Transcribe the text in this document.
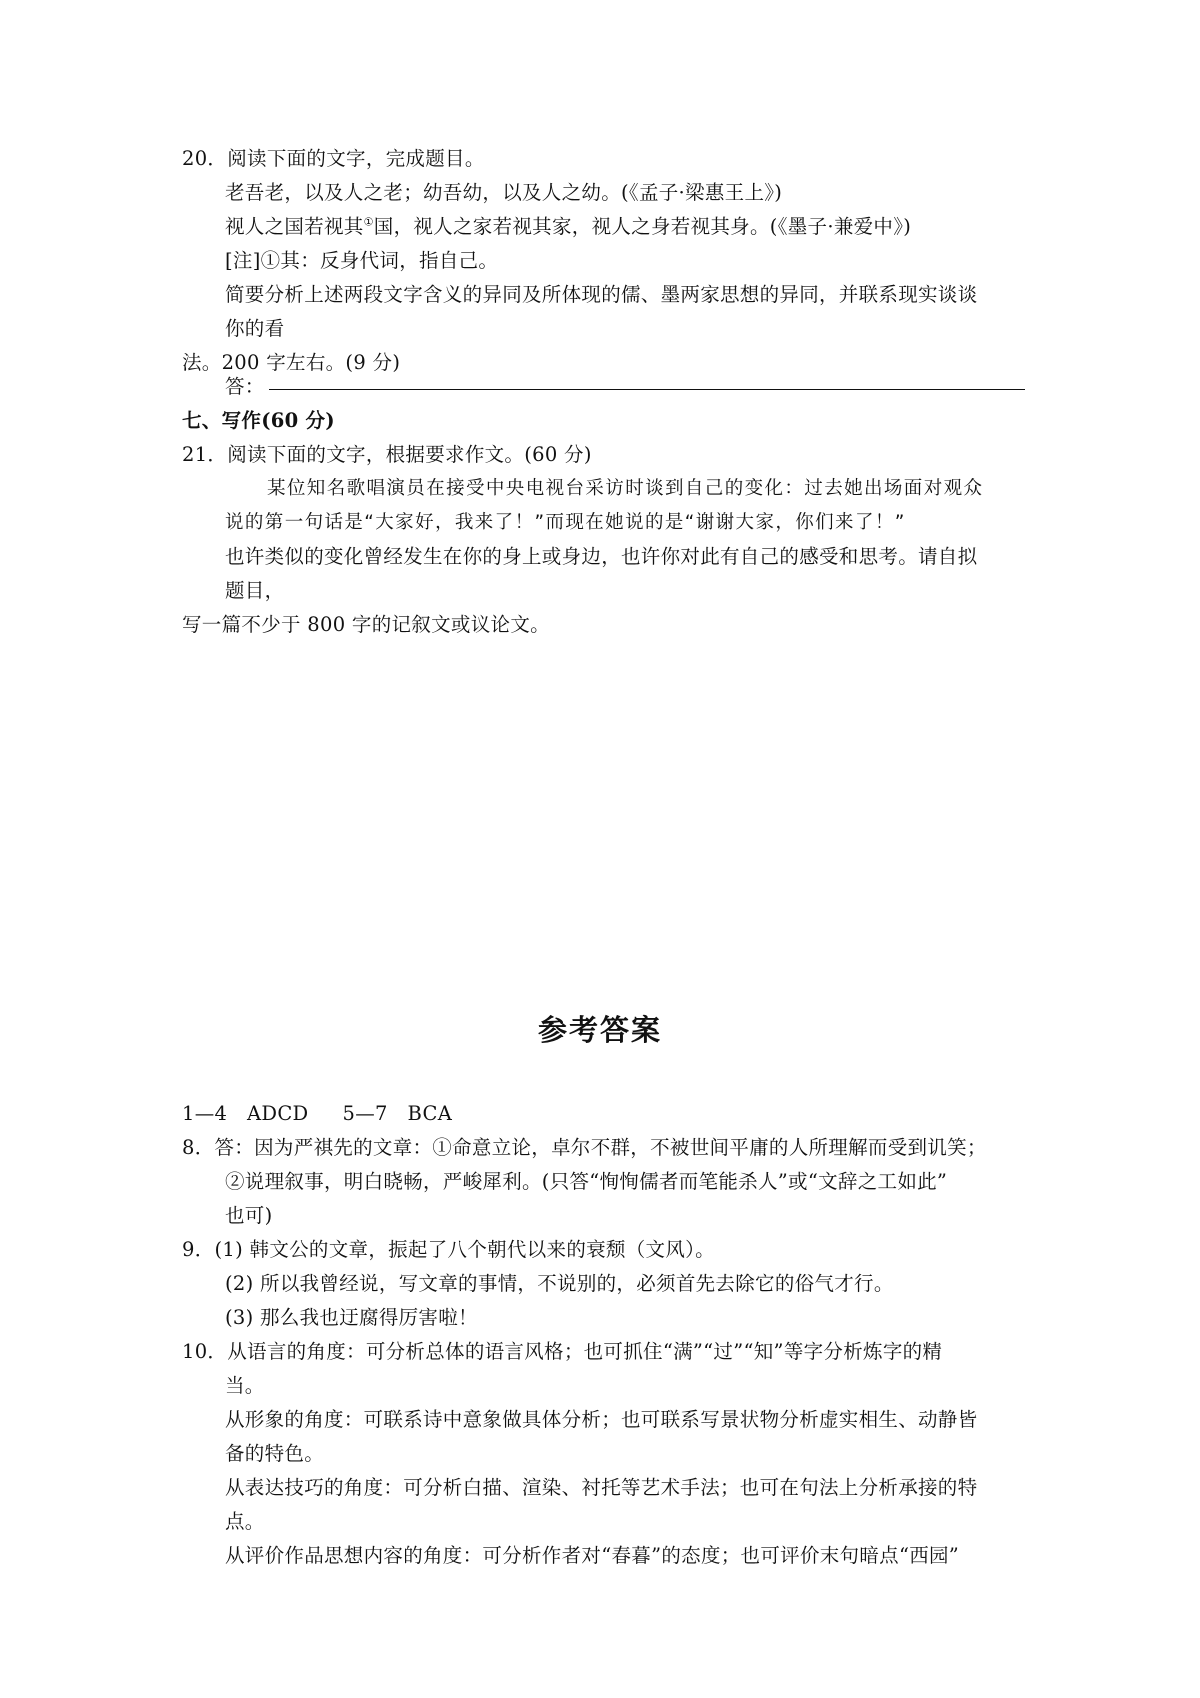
20．阅读下面的文字，完成题目。
老吾老，以及人之老；幼吾幼，以及人之幼。(《孟子·梁惠王上》)
视人之国若视其①国，视人之家若视其家，视人之身若视其身。(《墨子·兼爱中》)
[注]①其：反身代词，指自己。
简要分析上述两段文字含义的异同及所体现的儒、墨两家思想的异同，并联系现实谈谈
你的看
法。200 字左右。(9 分)
答：
七、写作(60 分)
21．阅读下面的文字，根据要求作文。(60 分)
某位知名歌唱演员在接受中央电视台采访时谈到自己的变化：过去她出场面对观众
说的第一句话是“大家好，我来了！”而现在她说的是“谢谢大家，你们来了！”
也许类似的变化曾经发生在你的身上或身边，也许你对此有自己的感受和思考。请自拟
题目，
写一篇不少于 800 字的记叙文或议论文。
参考答案
1—4　ADCD 5—7　BCA
8．答：因为严祺先的文章：①命意立论，卓尔不群，不被世间平庸的人所理解而受到讥笑；
②说理叙事，明白晓畅，严峻犀利。(只答“恂恂儒者而笔能杀人”或“文辞之工如此”
也可)
9．(1) 韩文公的文章，振起了八个朝代以来的衰颓（文风）。
(2) 所以我曾经说，写文章的事情，不说别的，必须首先去除它的俗气才行。
(3) 那么我也迂腐得厉害啦！
10．从语言的角度：可分析总体的语言风格；也可抓住“满”“过”“知”等字分析炼字的精
当。
从形象的角度：可联系诗中意象做具体分析；也可联系写景状物分析虚实相生、动静皆
备的特色。
从表达技巧的角度：可分析白描、渲染、衬托等艺术手法；也可在句法上分析承接的特
点。
从评价作品思想内容的角度：可分析作者对“春暮”的态度；也可评价末句暗点“西园”
